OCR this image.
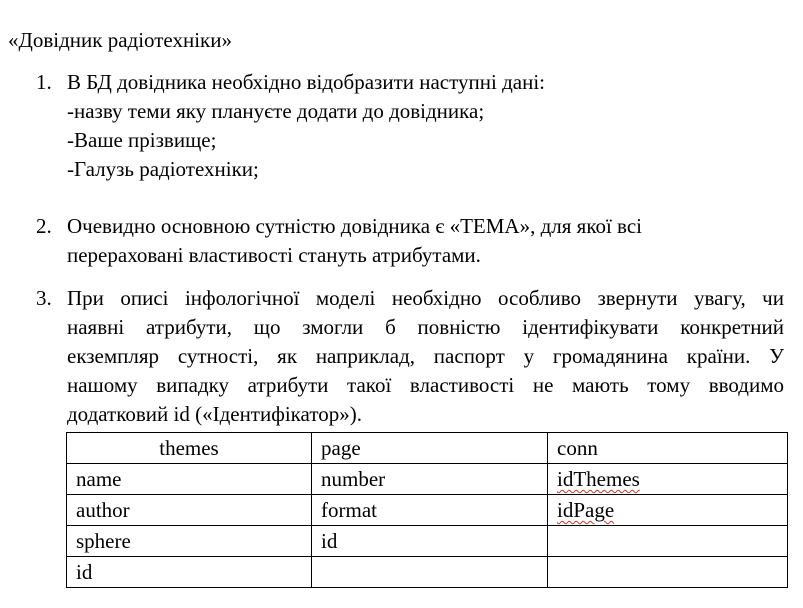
«Довідник радіотехніки»
1. В БД довідника необхідно відобразити наступні дані:
-назву теми яку плануєте додати до довідника;
-Ваше прізвище;
-Галузь радіотехніки;
2. Очевидно основною сутністю довідника є «ТЕМА», для якої всі
перераховані властивості стануть атрибутами.
3. При описі інфологічної моделі необхідно особливо звернути увагу, чи
наявні атрибути, що змогли б повністю ідентифікувати конкретний
екземпляр сутності, як наприклад, паспорт у громадянина країни. У
нашому випадку атрибути такої властивості не мають тому вводимо
додатковий id («Ідентифікатор»).
themes	page	conn
name	number	idThemes
author	format	idPage
sphere	id	
id		
